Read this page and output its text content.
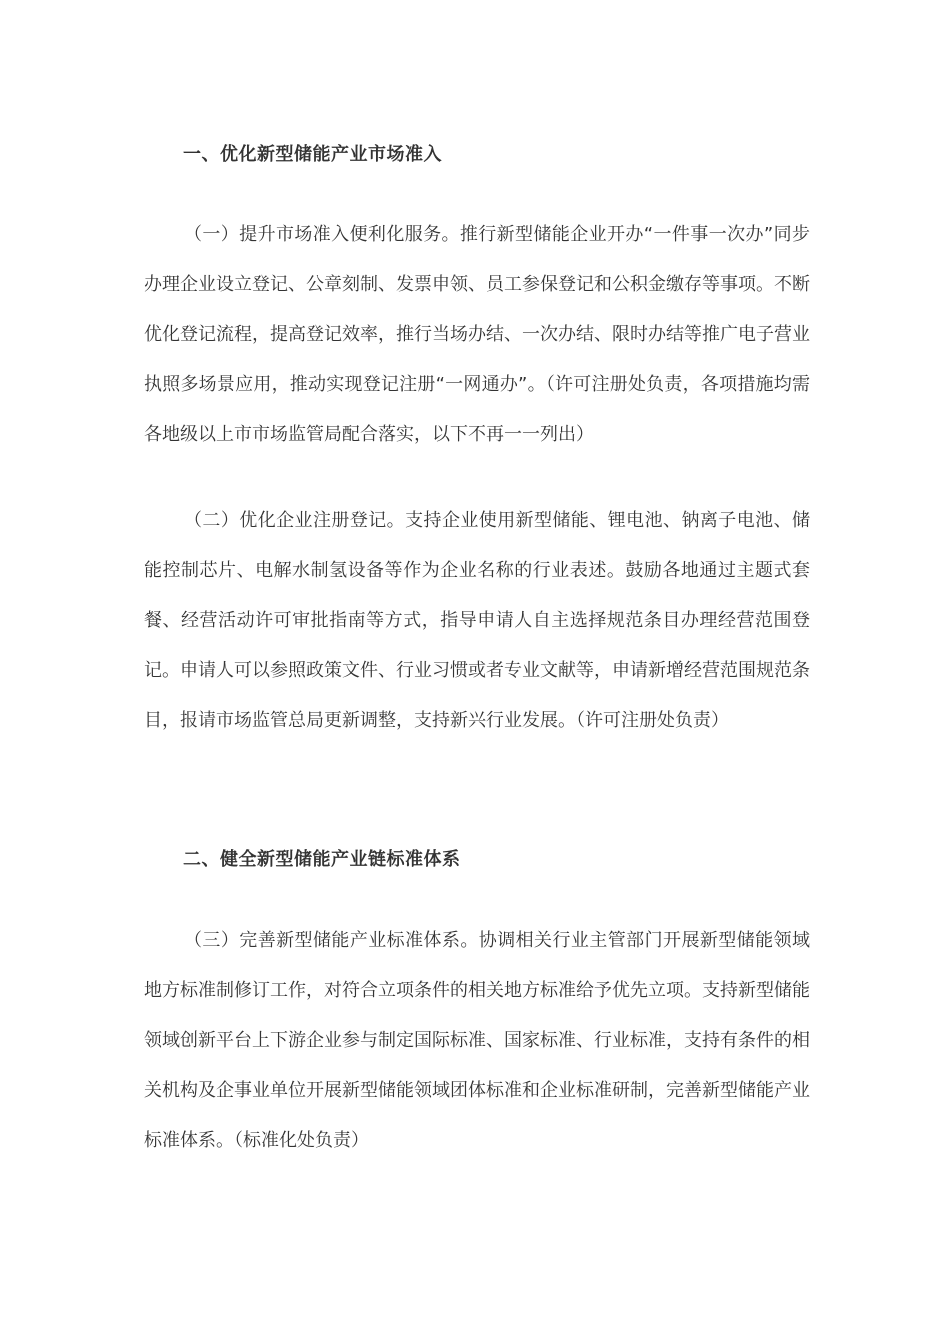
一、优化新型储能产业市场准入

（一）提升市场准入便利化服务。推行新型储能企业开办“一件事一次办”同步办理企业设立登记、公章刻制、发票申领、员工参保登记和公积金缴存等事项。不断优化登记流程，提高登记效率，推行当场办结、一次办结、限时办结等推广电子营业执照多场景应用，推动实现登记注册“一网通办”。（许可注册处负责，各项措施均需各地级以上市市场监管局配合落实，以下不再一一列出）

（二）优化企业注册登记。支持企业使用新型储能、锂电池、钠离子电池、储能控制芯片、电解水制氢设备等作为企业名称的行业表述。鼓励各地通过主题式套餐、经营活动许可审批指南等方式，指导申请人自主选择规范条目办理经营范围登记。申请人可以参照政策文件、行业习惯或者专业文献等，申请新增经营范围规范条目，报请市场监管总局更新调整，支持新兴行业发展。（许可注册处负责）

二、健全新型储能产业链标准体系

（三）完善新型储能产业标准体系。协调相关行业主管部门开展新型储能领域地方标准制修订工作，对符合立项条件的相关地方标准给予优先立项。支持新型储能领域创新平台上下游企业参与制定国际标准、国家标准、行业标准，支持有条件的相关机构及企事业单位开展新型储能领域团体标准和企业标准研制，完善新型储能产业标准体系。（标准化处负责）
